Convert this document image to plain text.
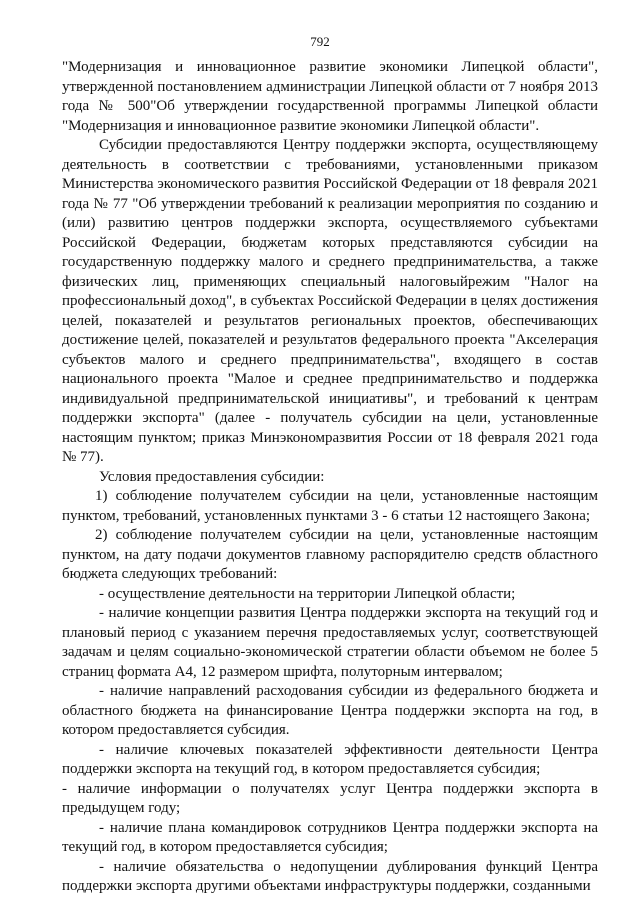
792

"Модернизация и инновационное развитие экономики Липецкой области", утвержденной постановлением администрации Липецкой области от 7 ноября 2013 года № 500"Об утверждении государственной программы Липецкой области "Модернизация и инновационное развитие экономики Липецкой области".

Субсидии предоставляются Центру поддержки экспорта, осуществляющему деятельность в соответствии с требованиями, установленными приказом Министерства экономического развития Российской Федерации от 18 февраля 2021 года № 77 "Об утверждении требований к реализации мероприятия по созданию и (или) развитию центров поддержки экспорта, осуществляемого субъектами Российской Федерации, бюджетам которых представляются субсидии на государственную поддержку малого и среднего предпринимательства, а также физических лиц, применяющих специальный налоговыйрежим "Налог на профессиональный доход", в субъектах Российской Федерации в целях достижения целей, показателей и результатов региональных проектов, обеспечивающих достижение целей, показателей и результатов федерального проекта "Акселерация субъектов малого и среднего предпринимательства", входящего в состав национального проекта "Малое и среднее предпринимательство и поддержка индивидуальной предпринимательской инициативы", и требований к центрам поддержки экспорта" (далее - получатель субсидии на цели, установленные настоящим пунктом; приказ Минэкономразвития России от 18 февраля 2021 года № 77).

Условия предоставления субсидии:

1) соблюдение получателем субсидии на цели, установленные настоящим пунктом, требований, установленных пунктами 3 - 6 статьи 12 настоящего Закона;

2) соблюдение получателем субсидии на цели, установленные настоящим пунктом, на дату подачи документов главному распорядителю средств областного бюджета следующих требований:

- осуществление деятельности на территории Липецкой области;

- наличие концепции развития Центра поддержки экспорта на текущий год и плановый период с указанием перечня предоставляемых услуг, соответствующей задачам и целям социально-экономической стратегии области объемом не более 5 страниц формата А4, 12 размером шрифта, полуторным интервалом;

- наличие направлений расходования субсидии из федерального бюджета и областного бюджета на финансирование Центра поддержки экспорта на год, в котором предоставляется субсидия.

- наличие ключевых показателей эффективности деятельности Центра поддержки экспорта на текущий год, в котором предоставляется субсидия;

- наличие информации о получателях услуг Центра поддержки экспорта в предыдущем году;

- наличие плана командировок сотрудников Центра поддержки экспорта на текущий год, в котором предоставляется субсидия;

- наличие обязательства о недопущении дублирования функций Центра поддержки экспорта другими объектами инфраструктуры поддержки, созданными
